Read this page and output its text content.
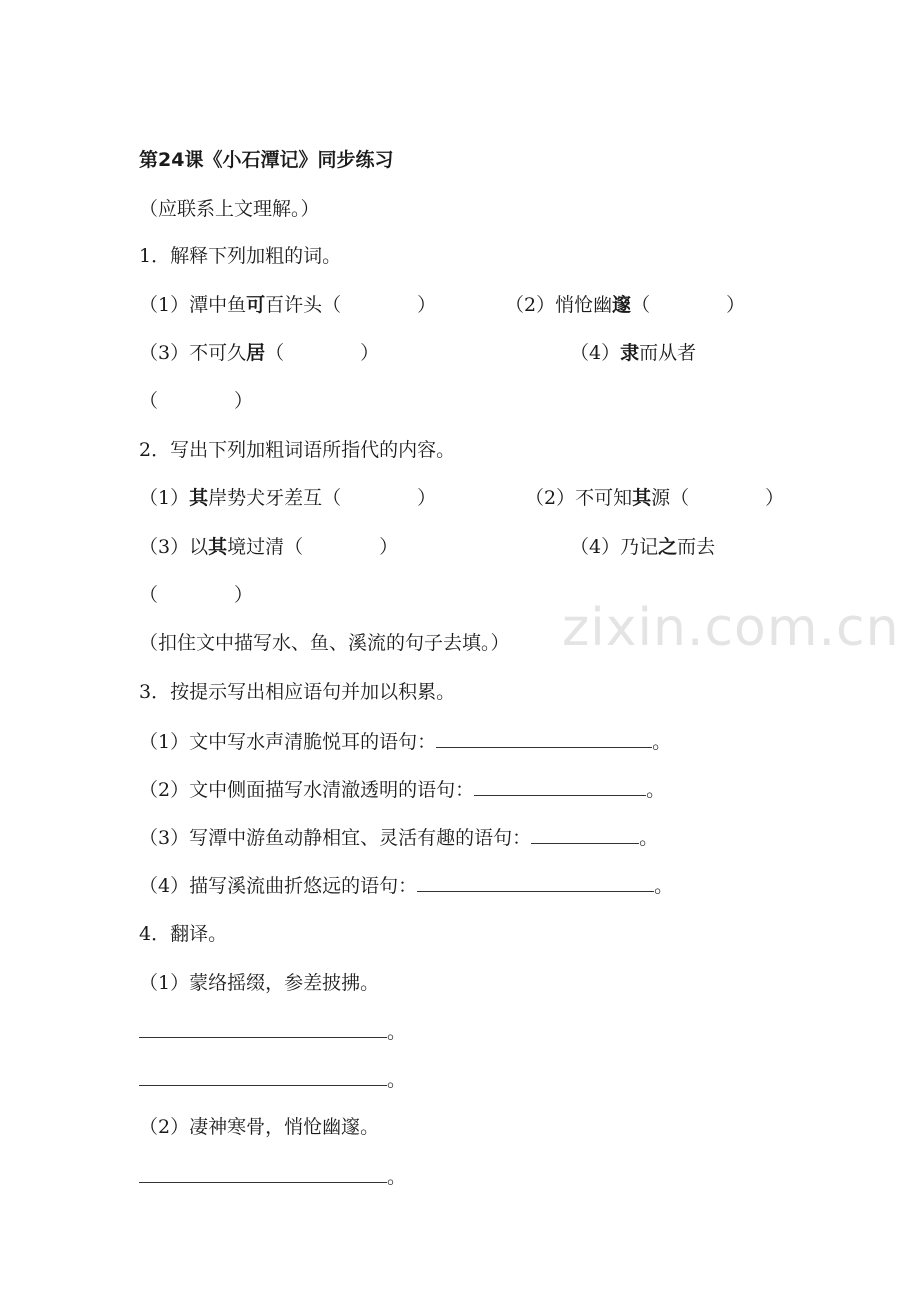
zixin.com.cn
第24课《小石潭记》同步练习
（应联系上文理解。）
1．解释下列加粗的词。
（1）潭中鱼可百许头（　　　　）	（2）悄怆幽邃（　　　　）
（3）不可久居（　　　　）	（4）隶而从者
（　　　　）
2．写出下列加粗词语所指代的内容。
（1）其岸势犬牙差互（　　　　）	（2）不可知其源（　　　　）
（3）以其境过清（　　　　）	（4）乃记之而去
（　　　　）
（扣住文中描写水、鱼、溪流的句子去填。）
3．按提示写出相应语句并加以积累。
（1）文中写水声清脆悦耳的语句：	。
（2）文中侧面描写水清澈透明的语句：	。
（3）写潭中游鱼动静相宜、灵活有趣的语句：	。
（4）描写溪流曲折悠远的语句：	。
4．翻译。
（1）蒙络摇缀，参差披拂。
。
。
（2）凄神寒骨，悄怆幽邃。
。
